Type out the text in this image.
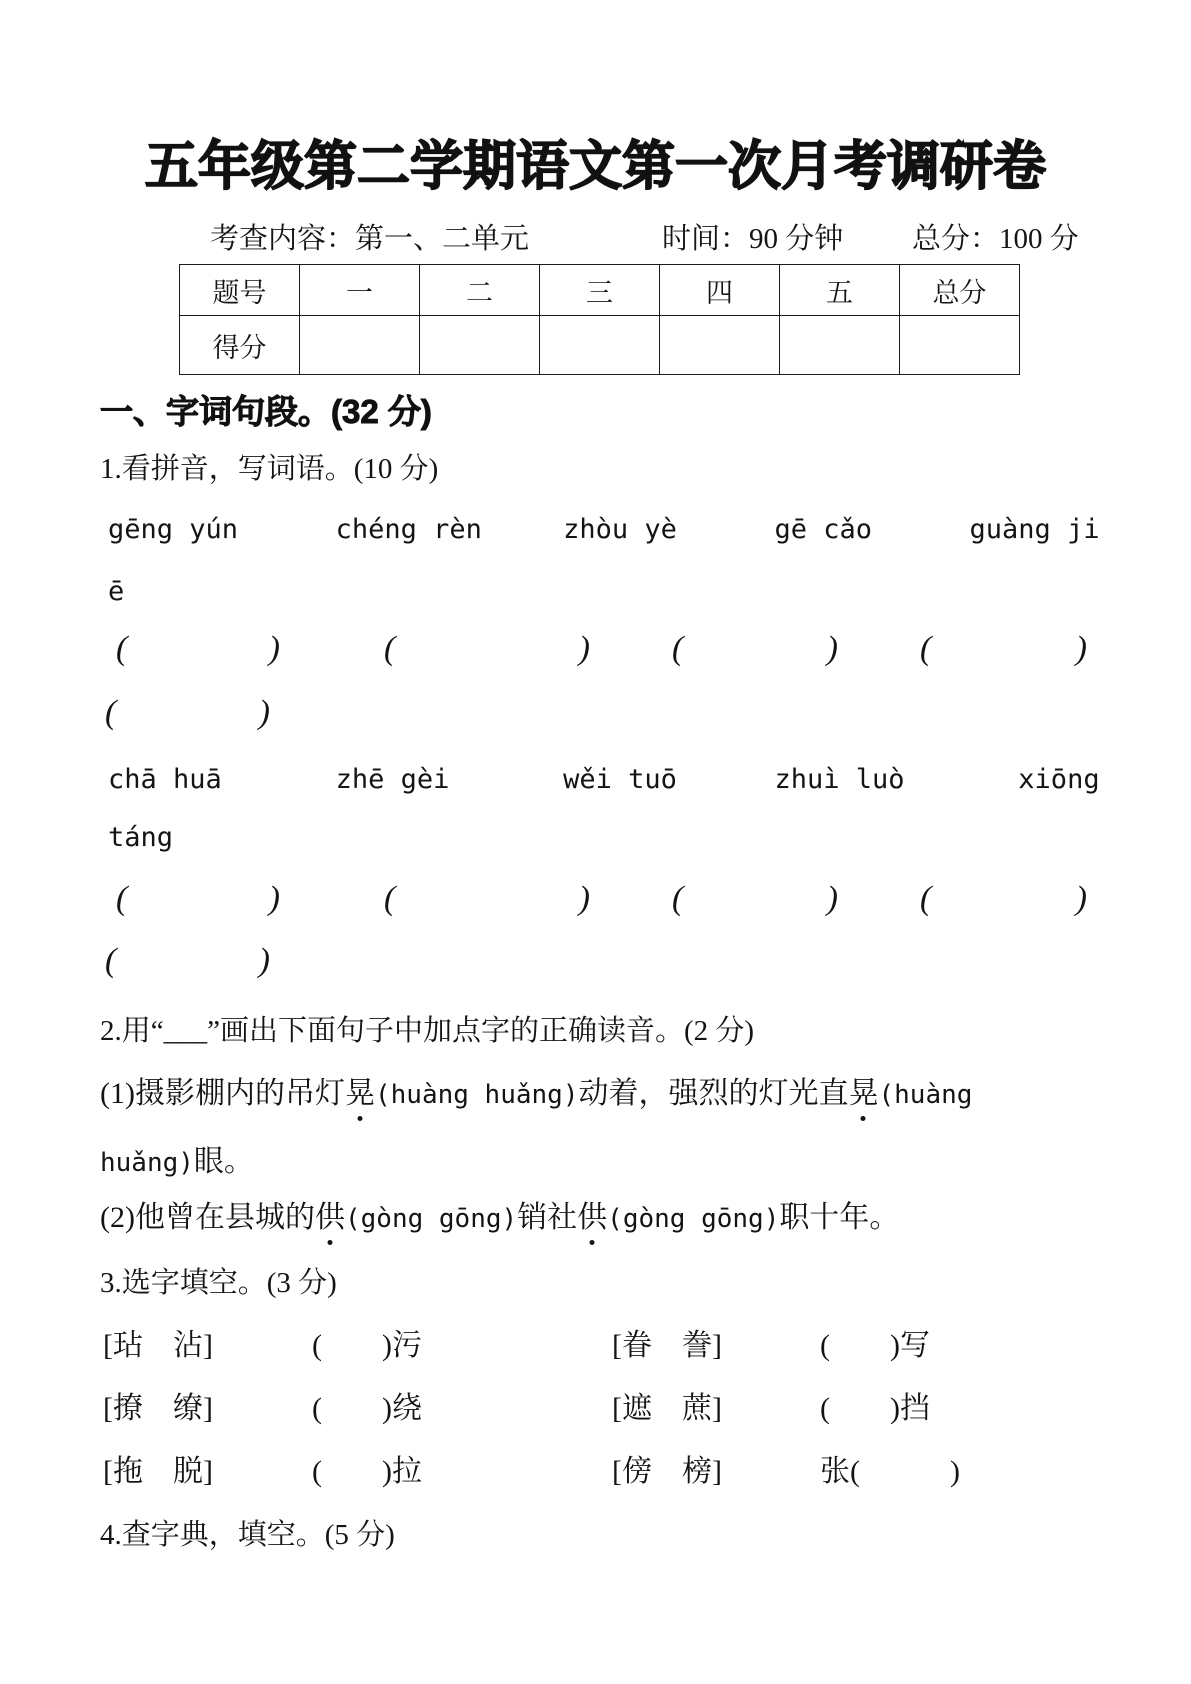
五年级第二学期语文第一次月考调研卷
考查内容：第一、二单元	时间：90 分钟 总分：100 分
题号	一	二	三	四	五	总分
得分						
一、字词句段。(32 分)
1.看拼音，写词语。(10 分)
gēng yún      chéng rèn     zhòu yè      gē cǎo      guàng ji
ē
(	)	(	) (	) (	)
(	)
chā huā       zhē gèi       wěi tuō      zhuì luò       xiōng
táng
(	)	(	) (	) (	)
(	)
2.用“___”画出下面句子中加点字的正确读音。(2 分)
(1)摄影棚内的吊灯晃(huàng huǎng)动着，强烈的灯光直晃(huàng
huǎng)眼。
(2)他曾在县城的供(gòng gōng)销社供(gòng gōng)职十年。
3.选字填空。(3 分)
[玷　沾]	(　　)污	[眷　誊]	(　　)写
[撩　缭]	(　　)绕	[遮　蔗]	(　　)挡
[拖　脱]	(　　)拉	[傍　榜]	张(　　　)
4.查字典，填空。(5 分)
